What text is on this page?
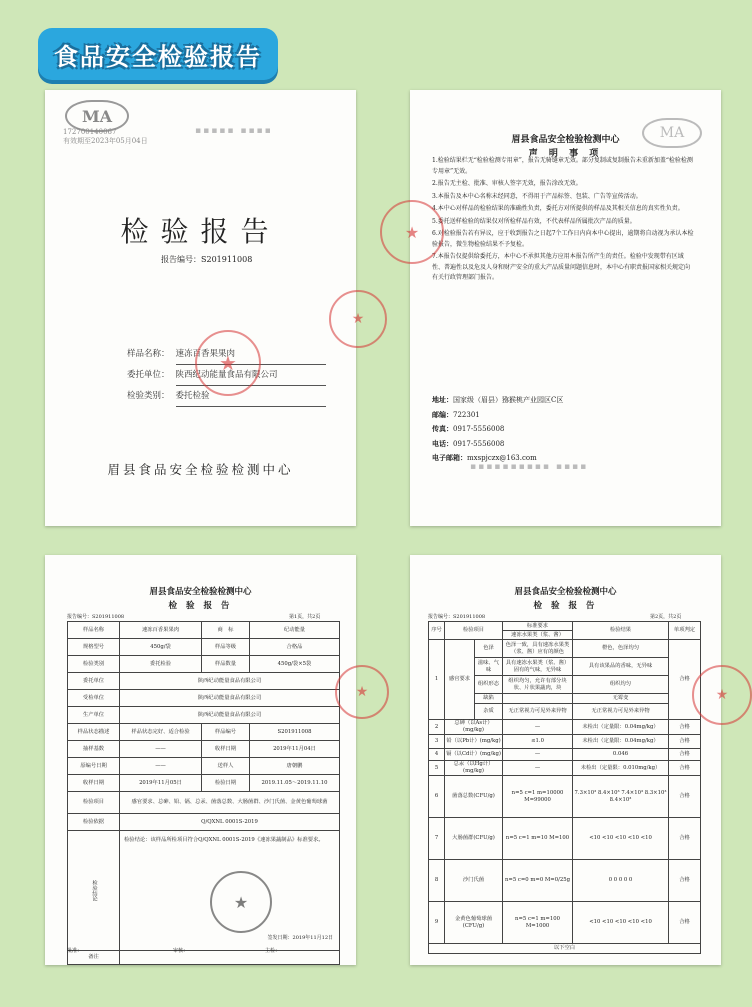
食品安全检验报告
MA
172700140067
有效期至2023年05月04日
▪▪▪▪▪ ▪▪▪▪
检验报告
报告编号：S201911008
样品名称： 速冻百香果果肉
委托单位： 陕西纪动能量食品有限公司
检验类别： 委托检验
★
★
眉县食品安全检验检测中心
MA
眉县食品安全检验检测中心
声 明 事 项

1.检验结果栏无“检验检测专用章”，报告无骑缝章无效。部分复制或复制报告未重新加盖“检验检测专用章”无效。

2.报告无主检、批准、审核人签字无效，报告涂改无效。

3.本报告及本中心名称未经同意，不得用于产品标签、包装、广告等宣传活动。

4.本中心对样品的检验结果的准确性负责，委托方对所提供的样品及其相关信息的真实性负责。

5.委托送样检验的结果仅对所检样品有效，不代表样品所属批次产品的质量。

6.对检验报告若有异议，应于收到报告之日起7个工作日内向本中心提出，逾期将自动视为承认本检验报告，微生物检验结果不予复检。

7.本报告仅提供给委托方，本中心不承担其他方应用本报告所产生的责任。检验中发现带有区域性、普遍性以及危及人身和财产安全的重大产品质量问题信息时，本中心有职责报国家相关规定向有关行政管理部门报告。

★
地址：国家级（眉县）猕猴桃产业园区C区
邮编：722301
传真：0917-5556008
电话：0917-5556008
电子邮箱：mxspjczx@163.com
▪▪▪▪▪▪▪▪▪▪ ▪▪▪▪
眉县食品安全检验检测中心
检 验 报 告
报告编号：S201911008	第1页，共2页
样品名称	速冻百香果果肉	商　标	纪动能量
规格型号	450g/袋	样品等级	合格品
检验类别	委托检验	样品数量	450g/袋×5袋
委托单位	陕西纪动能量食品有限公司		
受检单位	陕西纪动能量食品有限公司		
生产单位	陕西纪动能量食品有限公司		
样品状态描述	样品状态完好、适合检验	样品编号	S201911008
抽样基数	——	收样日期	2019年11月04日
原编号日期	——	送样人	唐朝鹏
收样日期	2019年11月05日	检验日期	2019.11.05～2019.11.10
检验项目	感官要求、总砷、铅、镉、总汞、菌落总数、大肠菌群、沙门氏菌、金黄色葡萄球菌		
检验依据	Q/QXNL 0001S-2019		
检验结论	检验结论：该样品所检项目符合Q/QXNL 0001S-2019《速冻果蔬制品》标准要求。
★
签发日期：2019年11月12日		

备注			
批准：	审核：	主检：
★
眉县食品安全检验检测中心
检 验 报 告
报告编号：S201911008	第2页，共2页
序号	检验项目		标准要求	检验结果	单项判定
			速冻水果类（浆、酱）		
1	感官要求	色泽	色泽一致，具有速冻水果类（浆、酱）应有的颜色	橙色，色泽均匀	合格
		滋味、气味	具有速冻水果类（浆、酱）固有的气味，无异味	具有该果品的香味，无异味	
		组织形态	组织均匀，允许有部分块状、片状果蔬肉，块	组织均匀	
		缺陷		无霉变	
		杂质	无正常视力可见外来异物	无正常视力可见外来异物	
2	总砷（以As计）(mg/kg)		—	未检出（定量限：0.04mg/kg）	合格
3	铅（以Pb计）(mg/kg)		≤1.0	未检出（定量限：0.04mg/kg）	合格
4	镉（以Cd计）(mg/kg)		—	0.046	合格
5	总汞（以Hg计）(mg/kg)		—	未检出（定量限：0.010mg/kg）	合格
6	菌落总数(CFU/g)		n=5 c=1 m=10000 M=99000	7.3×10³ 8.4×10³ 7.4×10³ 8.3×10³ 8.4×10³	合格
7	大肠菌群(CFU/g)		n=5 c=1 m=10 M=100	<10 <10 <10 <10 <10	合格
8	沙门氏菌		n=5 c=0 m=0 M=0/25g	0 0 0 0 0	合格
9	金黄色葡萄球菌(CFU/g)		n=5 c=1 m=100 M=1000	<10 <10 <10 <10 <10	合格
以下空白					
★
